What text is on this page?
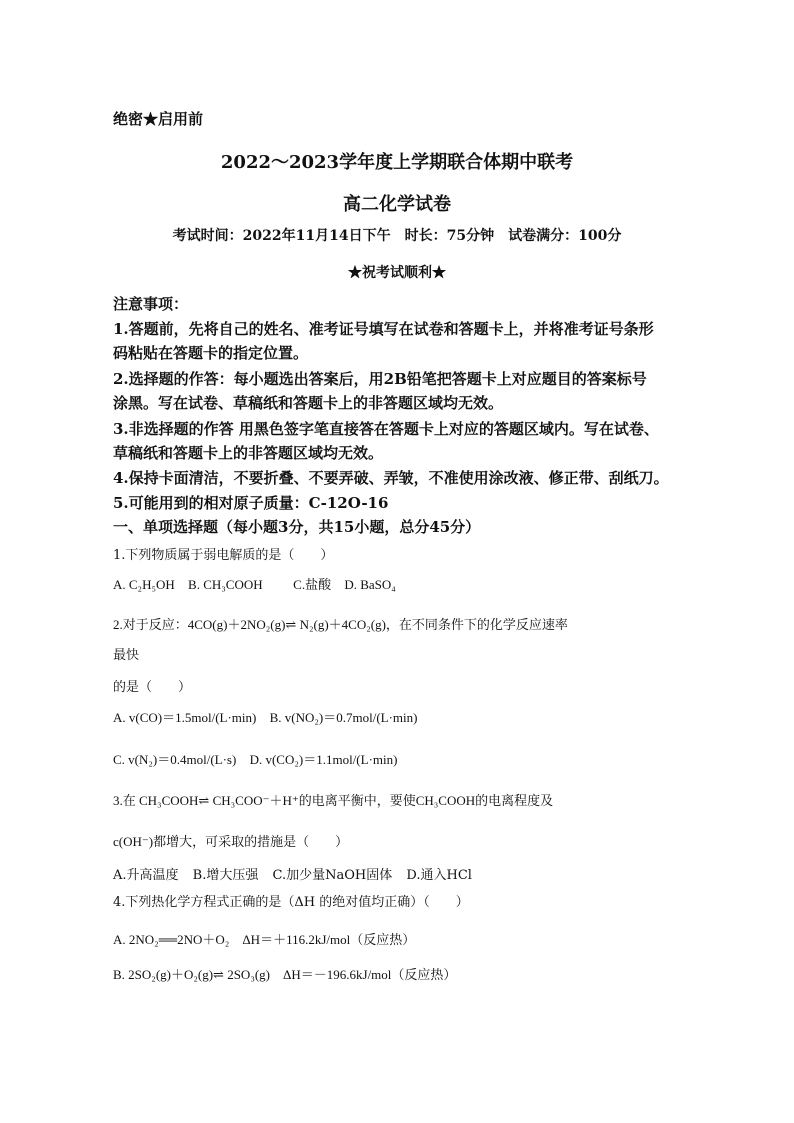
绝密★启用前
2022～2023学年度上学期联合体期中联考
高二化学试卷
考试时间：2022年11月14日下午 时长：75分钟 试卷满分：100分
★祝考试顺利★
注意事项：
1.答题前，先将自己的姓名、准考证号填写在试卷和答题卡上，并将准考证号条形
码粘贴在答题卡的指定位置。
2.选择题的作答：每小题选出答案后，用2B铅笔把答题卡上对应题目的答案标号
涂黑。写在试卷、草稿纸和答题卡上的非答题区域均无效。
3.非选择题的作答 用黑色签字笔直接答在答题卡上对应的答题区域内。写在试卷、
草稿纸和答题卡上的非答题区域均无效。
4.保持卡面清洁，不要折叠、不要弄破、弄皱，不准使用涂改液、修正带、刮纸刀。
5.可能用到的相对原子质量：C-12O-16
一、单项选择题（每小题3分，共15小题，总分45分）
1.下列物质属于弱电解质的是（　　）
A. C₂H₅OH B. CH₃COOH C.盐酸 D. BaSO₄
2.对于反应：4CO(g)＋2NO₂(g)⇌ N₂(g)＋4CO₂(g)，在不同条件下的化学反应速率
最快
的是（　　）
A. v(CO)＝1.5mol/(L·min) B. v(NO₂)＝0.7mol/(L·min)
C. v(N₂)＝0.4mol/(L·s) D. v(CO₂)＝1.1mol/(L·min)
3.在 CH₃COOH⇌ CH₃COO⁻＋H⁺的电离平衡中，要使CH₃COOH的电离程度及
c(OH⁻)都增大，可采取的措施是（　　）
A.升高温度 B.增大压强 C.加少量NaOH固体 D.通入HCl
4.下列热化学方程式正确的是（ΔH 的绝对值均正确）（　　）
A. 2NO₂══2NO＋O₂　ΔH＝＋116.2kJ/mol（反应热）
B. 2SO₂(g)＋O₂(g)⇌ 2SO₃(g)　ΔH＝－196.6kJ/mol（反应热）
